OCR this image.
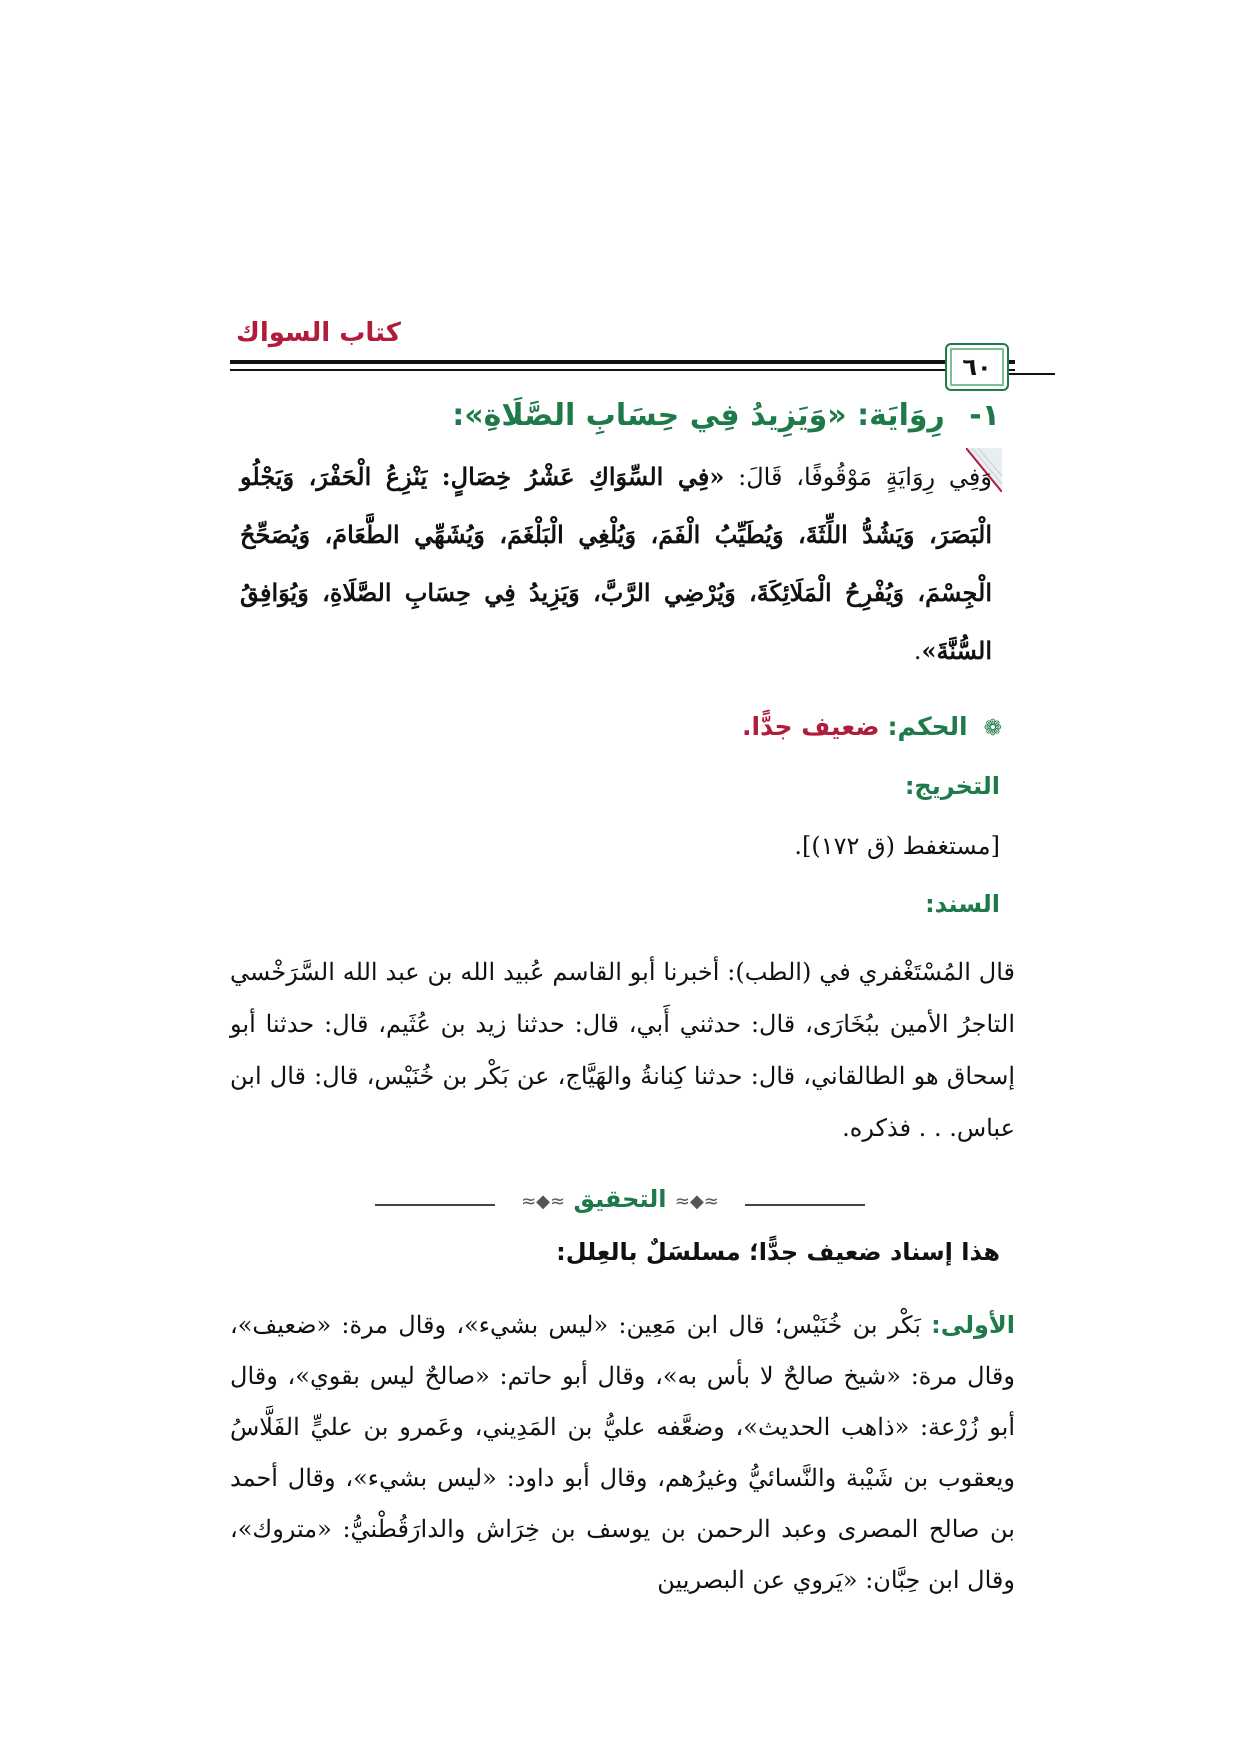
كتاب السواك
٦٠
١- رِوَايَة: «وَيَزِيدُ فِي حِسَابِ الصَّلَاةِ»:
وَفِي رِوَايَةٍ مَوْقُوفًا، قَالَ: «فِي السِّوَاكِ عَشْرُ خِصَالٍ: يَنْزِعُ الْحَفْرَ، وَيَجْلُو الْبَصَرَ، وَيَشُدُّ اللِّثَةَ، وَيُطَيِّبُ الْفَمَ، وَيُلْغِي الْبَلْغَمَ، وَيُشَهِّي الطَّعَامَ، وَيُصَحِّحُ الْجِسْمَ، وَيُفْرِحُ الْمَلَائِكَةَ، وَيُرْضِي الرَّبَّ، وَيَزِيدُ فِي حِسَابِ الصَّلَاةِ، وَيُوَافِقُ السُّنَّةَ».
❁ الحكم: ضعيف جدًّا.
التخريج:
[مستغفط (ق ١٧٢)].
السند:
قال المُسْتَغْفري في (الطب): أخبرنا أبو القاسم عُبيد الله بن عبد الله السَّرَخْسي التاجرُ الأمين ببُخَارَى، قال: حدثني أَبي، قال: حدثنا زيد بن عُثَيم، قال: حدثنا أبو إسحاق هو الطالقاني، قال: حدثنا كِنانةُ والهَيَّاج، عن بَكْر بن خُنَيْس، قال: قال ابن عباس. . . فذكره.
≈◆≈ التحقيق ≈◆≈
هذا إسناد ضعيف جدًّا؛ مسلسَلٌ بالعِلل:
الأولى: بَكْر بن خُنَيْس؛ قال ابن مَعِين: «ليس بشيء»، وقال مرة: «ضعيف»، وقال مرة: «شيخ صالحٌ لا بأس به»، وقال أبو حاتم: «صالحٌ ليس بقوي»، وقال أبو زُرْعة: «ذاهب الحديث»، وضعَّفه عليُّ بن المَدِيني، وعَمرو بن عليٍّ الفَلَّاسُ ويعقوب بن شَيْبة والنَّسائيُّ وغيرُهم، وقال أبو داود: «ليس بشيء»، وقال أحمد بن صالح المصرى وعبد الرحمن بن يوسف بن خِرَاش والدارَقُطْنيُّ: «متروك»، وقال ابن حِبَّان: «يَروي عن البصريين
